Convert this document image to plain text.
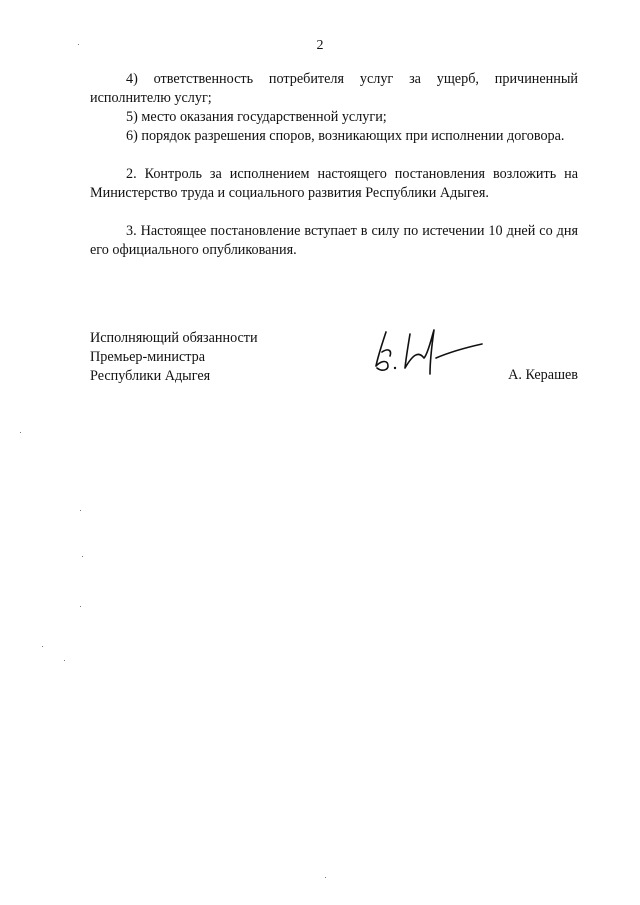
2

4) ответственность потребителя услуг за ущерб, причиненный исполнителю услуг;

5) место оказания государственной услуги;

6) порядок разрешения споров, возникающих при исполнении договора.

2. Контроль за исполнением настоящего постановления возложить на Министерство труда и социального развития Республики Адыгея.

3. Настоящее постановление вступает в силу по истечении 10 дней со дня его официального опубликования.

Исполняющий обязанности
Премьер-министра
Республики Адыгея	А. Керашев
